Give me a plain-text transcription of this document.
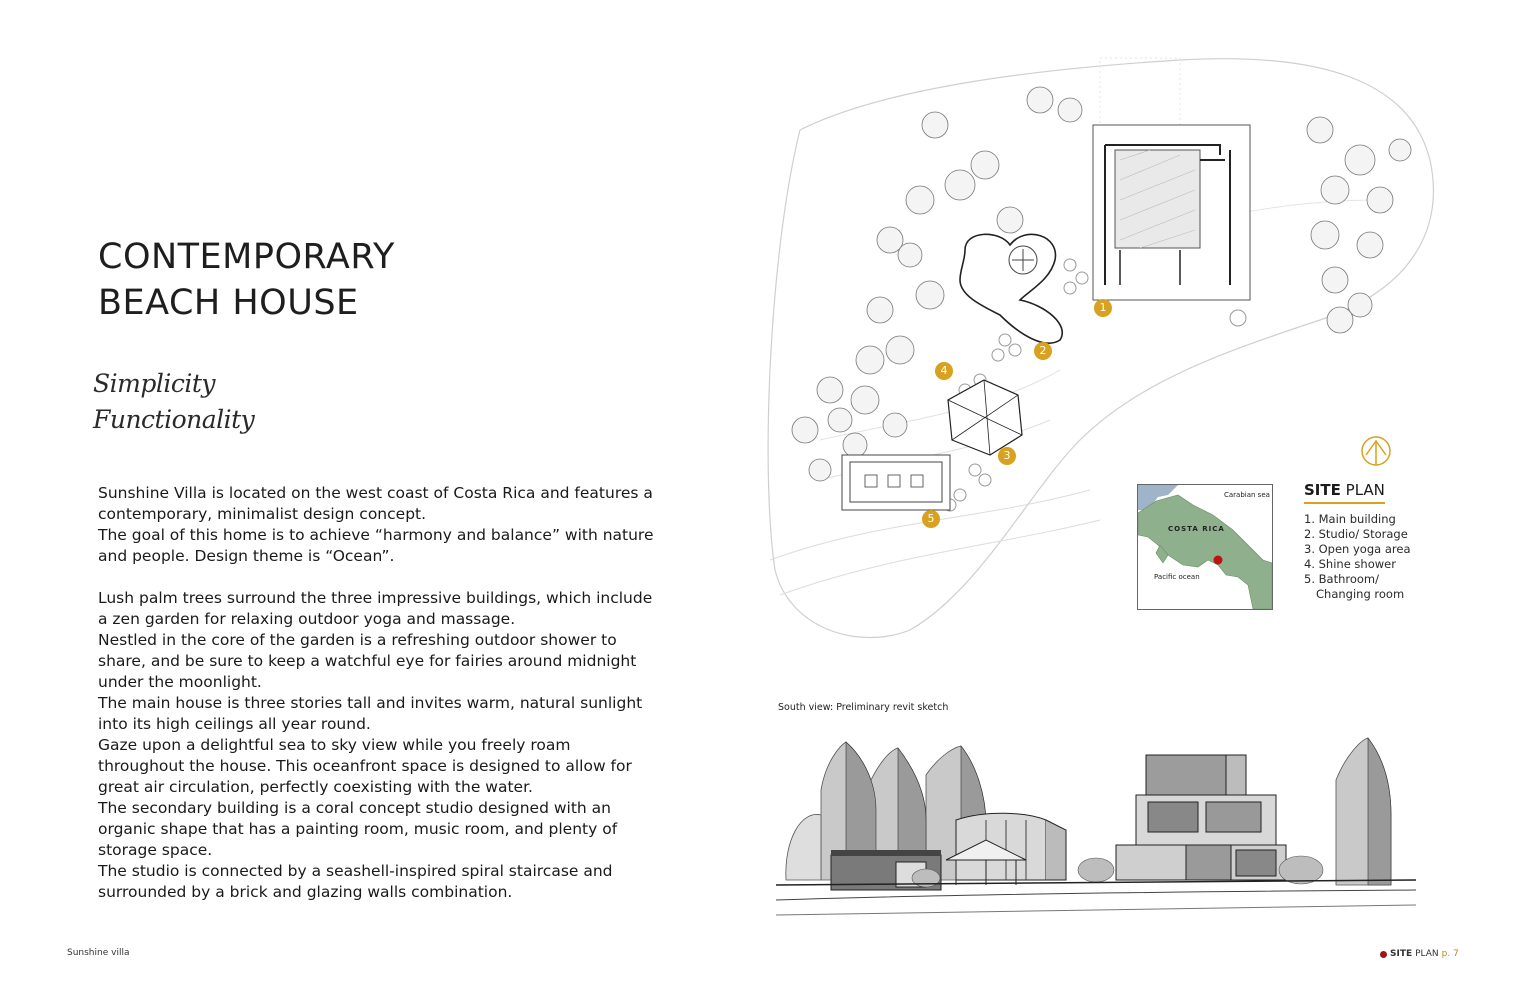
CONTEMPORARY
BEACH HOUSE
Simplicity
Functionality

Sunshine Villa is located on the west coast of Costa Rica and features a contemporary, minimalist design concept.

The goal of this home is to achieve “harmony and balance” with nature and people. Design theme is “Ocean”.

Lush palm trees surround the three impressive buildings, which include a zen garden for relaxing outdoor yoga and massage.

Nestled in the core of the garden is a refreshing outdoor shower to share, and be sure to keep a watchful eye for fairies around midnight under the moonlight.

The main house is three stories tall and invites warm, natural sunlight into its high ceilings all year round.

Gaze upon a delightful sea to sky view while you freely roam throughout the house. This oceanfront space is designed to allow for great air circulation, perfectly coexisting with the water.

The secondary building is a coral concept studio designed with an organic shape that has a painting room, music room, and plenty of storage space.

The studio is connected by a seashell-inspired spiral staircase and surrounded by a brick and glazing walls combination.

Sunshine villa	SITE PLAN p. 7
1
2
3
4
5
Carabian sea
COSTA RICA
Pacific ocean
SITE PLAN
1. Main building
2. Studio/ Storage
3. Open yoga area
4. Shine shower
5. Bathroom/
Changing room
South view: Preliminary revit sketch
